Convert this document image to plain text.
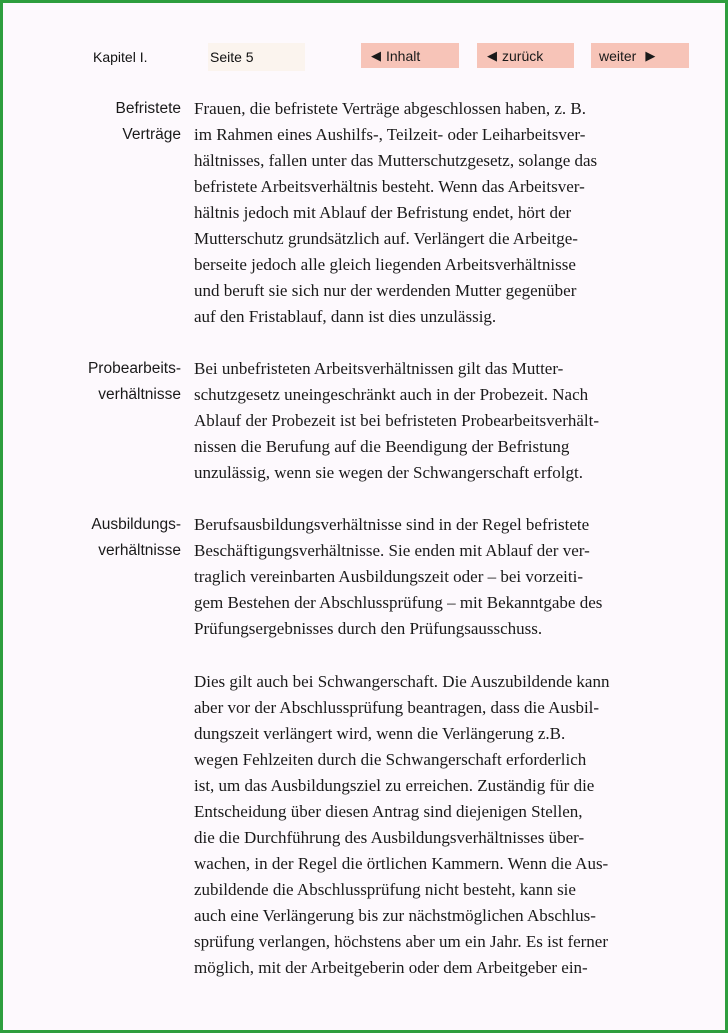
Kapitel I.	Seite 5	◀ Inhalt	◀ zurück	weiter ▶
Befristete
Verträge
Frauen, die befristete Verträge abgeschlossen haben, z. B.
im Rahmen eines Aushilfs-, Teilzeit- oder Leiharbeitsver-
hältnisses, fallen unter das Mutterschutzgesetz, solange das
befristete Arbeitsverhältnis besteht. Wenn das Arbeitsver-
hältnis jedoch mit Ablauf der Befristung endet, hört der
Mutterschutz grundsätzlich auf. Verlängert die Arbeitge-
berseite jedoch alle gleich liegenden Arbeitsverhältnisse
und beruft sie sich nur der werdenden Mutter gegenüber
auf den Fristablauf, dann ist dies unzulässig.
Probearbeits-
verhältnisse
Bei unbefristeten Arbeitsverhältnissen gilt das Mutter-
schutzgesetz uneingeschränkt auch in der Probezeit. Nach
Ablauf der Probezeit ist bei befristeten Probearbeitsverhält-
nissen die Berufung auf die Beendigung der Befristung
unzulässig, wenn sie wegen der Schwangerschaft erfolgt.
Ausbildungs-
verhältnisse
Berufsausbildungsverhältnisse sind in der Regel befristete
Beschäftigungsverhältnisse. Sie enden mit Ablauf der ver-
traglich vereinbarten Ausbildungszeit oder – bei vorzeiti-
gem Bestehen der Abschlussprüfung – mit Bekanntgabe des
Prüfungsergebnisses durch den Prüfungsausschuss.
Dies gilt auch bei Schwangerschaft. Die Auszubildende kann
aber vor der Abschlussprüfung beantragen, dass die Ausbil-
dungszeit verlängert wird, wenn die Verlängerung z.B.
wegen Fehlzeiten durch die Schwangerschaft erforderlich
ist, um das Ausbildungsziel zu erreichen. Zuständig für die
Entscheidung über diesen Antrag sind diejenigen Stellen,
die die Durchführung des Ausbildungsverhältnisses über-
wachen, in der Regel die örtlichen Kammern. Wenn die Aus-
zubildende die Abschlussprüfung nicht besteht, kann sie
auch eine Verlängerung bis zur nächstmöglichen Abschlus-
sprüfung verlangen, höchstens aber um ein Jahr. Es ist ferner
möglich, mit der Arbeitgeberin oder dem Arbeitgeber ein-
